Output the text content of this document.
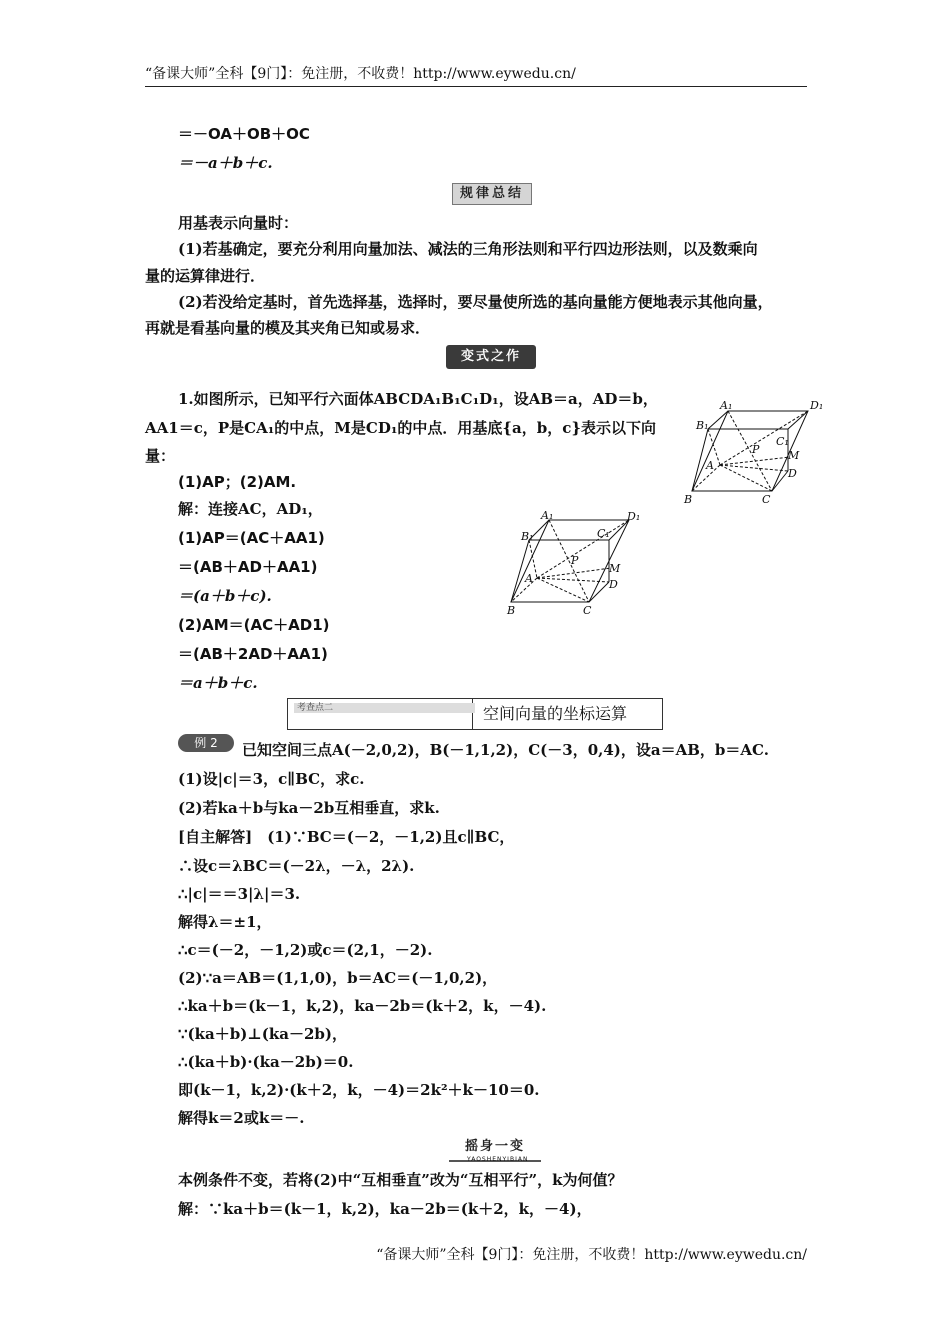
“备课大师”全科【9门】：免注册，不收费！http://www.eywedu.cn/
＝－OA＋OB＋OC
＝－a＋b＋c.
规律总结
用基表示向量时：
(1)若基确定，要充分利用向量加法、减法的三角形法则和平行四边形法则，以及数乘向
量的运算律进行．
(2)若没给定基时，首先选择基，选择时，要尽量使所选的基向量能方便地表示其他向量，
再就是看基向量的模及其夹角已知或易求．
变式之作
1.如图所示，已知平行六面体ABCDA₁B₁C₁D₁，设AB＝a，AD＝b，
AA1＝c，P是CA₁的中点，M是CD₁的中点．用基底{a，b，c}表示以下向
量：
A₁	D₁
B₁
C₁
P	M
A
D
B	C
(1)AP；(2)AM.
解：连接AC，AD₁，
(1)AP＝(AC＋AA1)
＝(AB＋AD＋AA1)
＝(a＋b＋c).
(2)AM＝(AC＋AD1)
＝(AB＋2AD＋AA1)
＝a＋b＋c.
A₁	D₁
B₁	C₁
P
M
A	D
B	C
考查点二	空间向量的坐标运算
例 2	已知空间三点A(－2,0,2)，B(－1,1,2)，C(－3，0,4)，设a＝AB，b＝AC.
(1)设|c|＝3，c∥BC，求c.
(2)若ka＋b与ka－2b互相垂直，求k.
[自主解答]　(1)∵BC＝(－2，－1,2)且c∥BC，
∴设c＝λBC＝(－2λ，－λ，2λ).
∴|c|＝＝3|λ|＝3.
解得λ＝±1，
∴c＝(－2，－1,2)或c＝(2,1，－2).
(2)∵a＝AB＝(1,1,0)，b＝AC＝(－1,0,2)，
∴ka＋b＝(k－1，k,2)，ka－2b＝(k＋2，k，－4).
∵(ka＋b)⊥(ka－2b)，
∴(ka＋b)·(ka－2b)＝0.
即(k－1，k,2)·(k＋2，k，－4)＝2k²＋k－10＝0.
解得k＝2或k＝－.
摇身一变
YAOSHENYIBIAN
本例条件不变，若将(2)中“互相垂直”改为“互相平行”，k为何值？
解：∵ka＋b＝(k－1，k,2)，ka－2b＝(k＋2，k，－4)，
“备课大师”全科【9门】：免注册，不收费！http://www.eywedu.cn/
